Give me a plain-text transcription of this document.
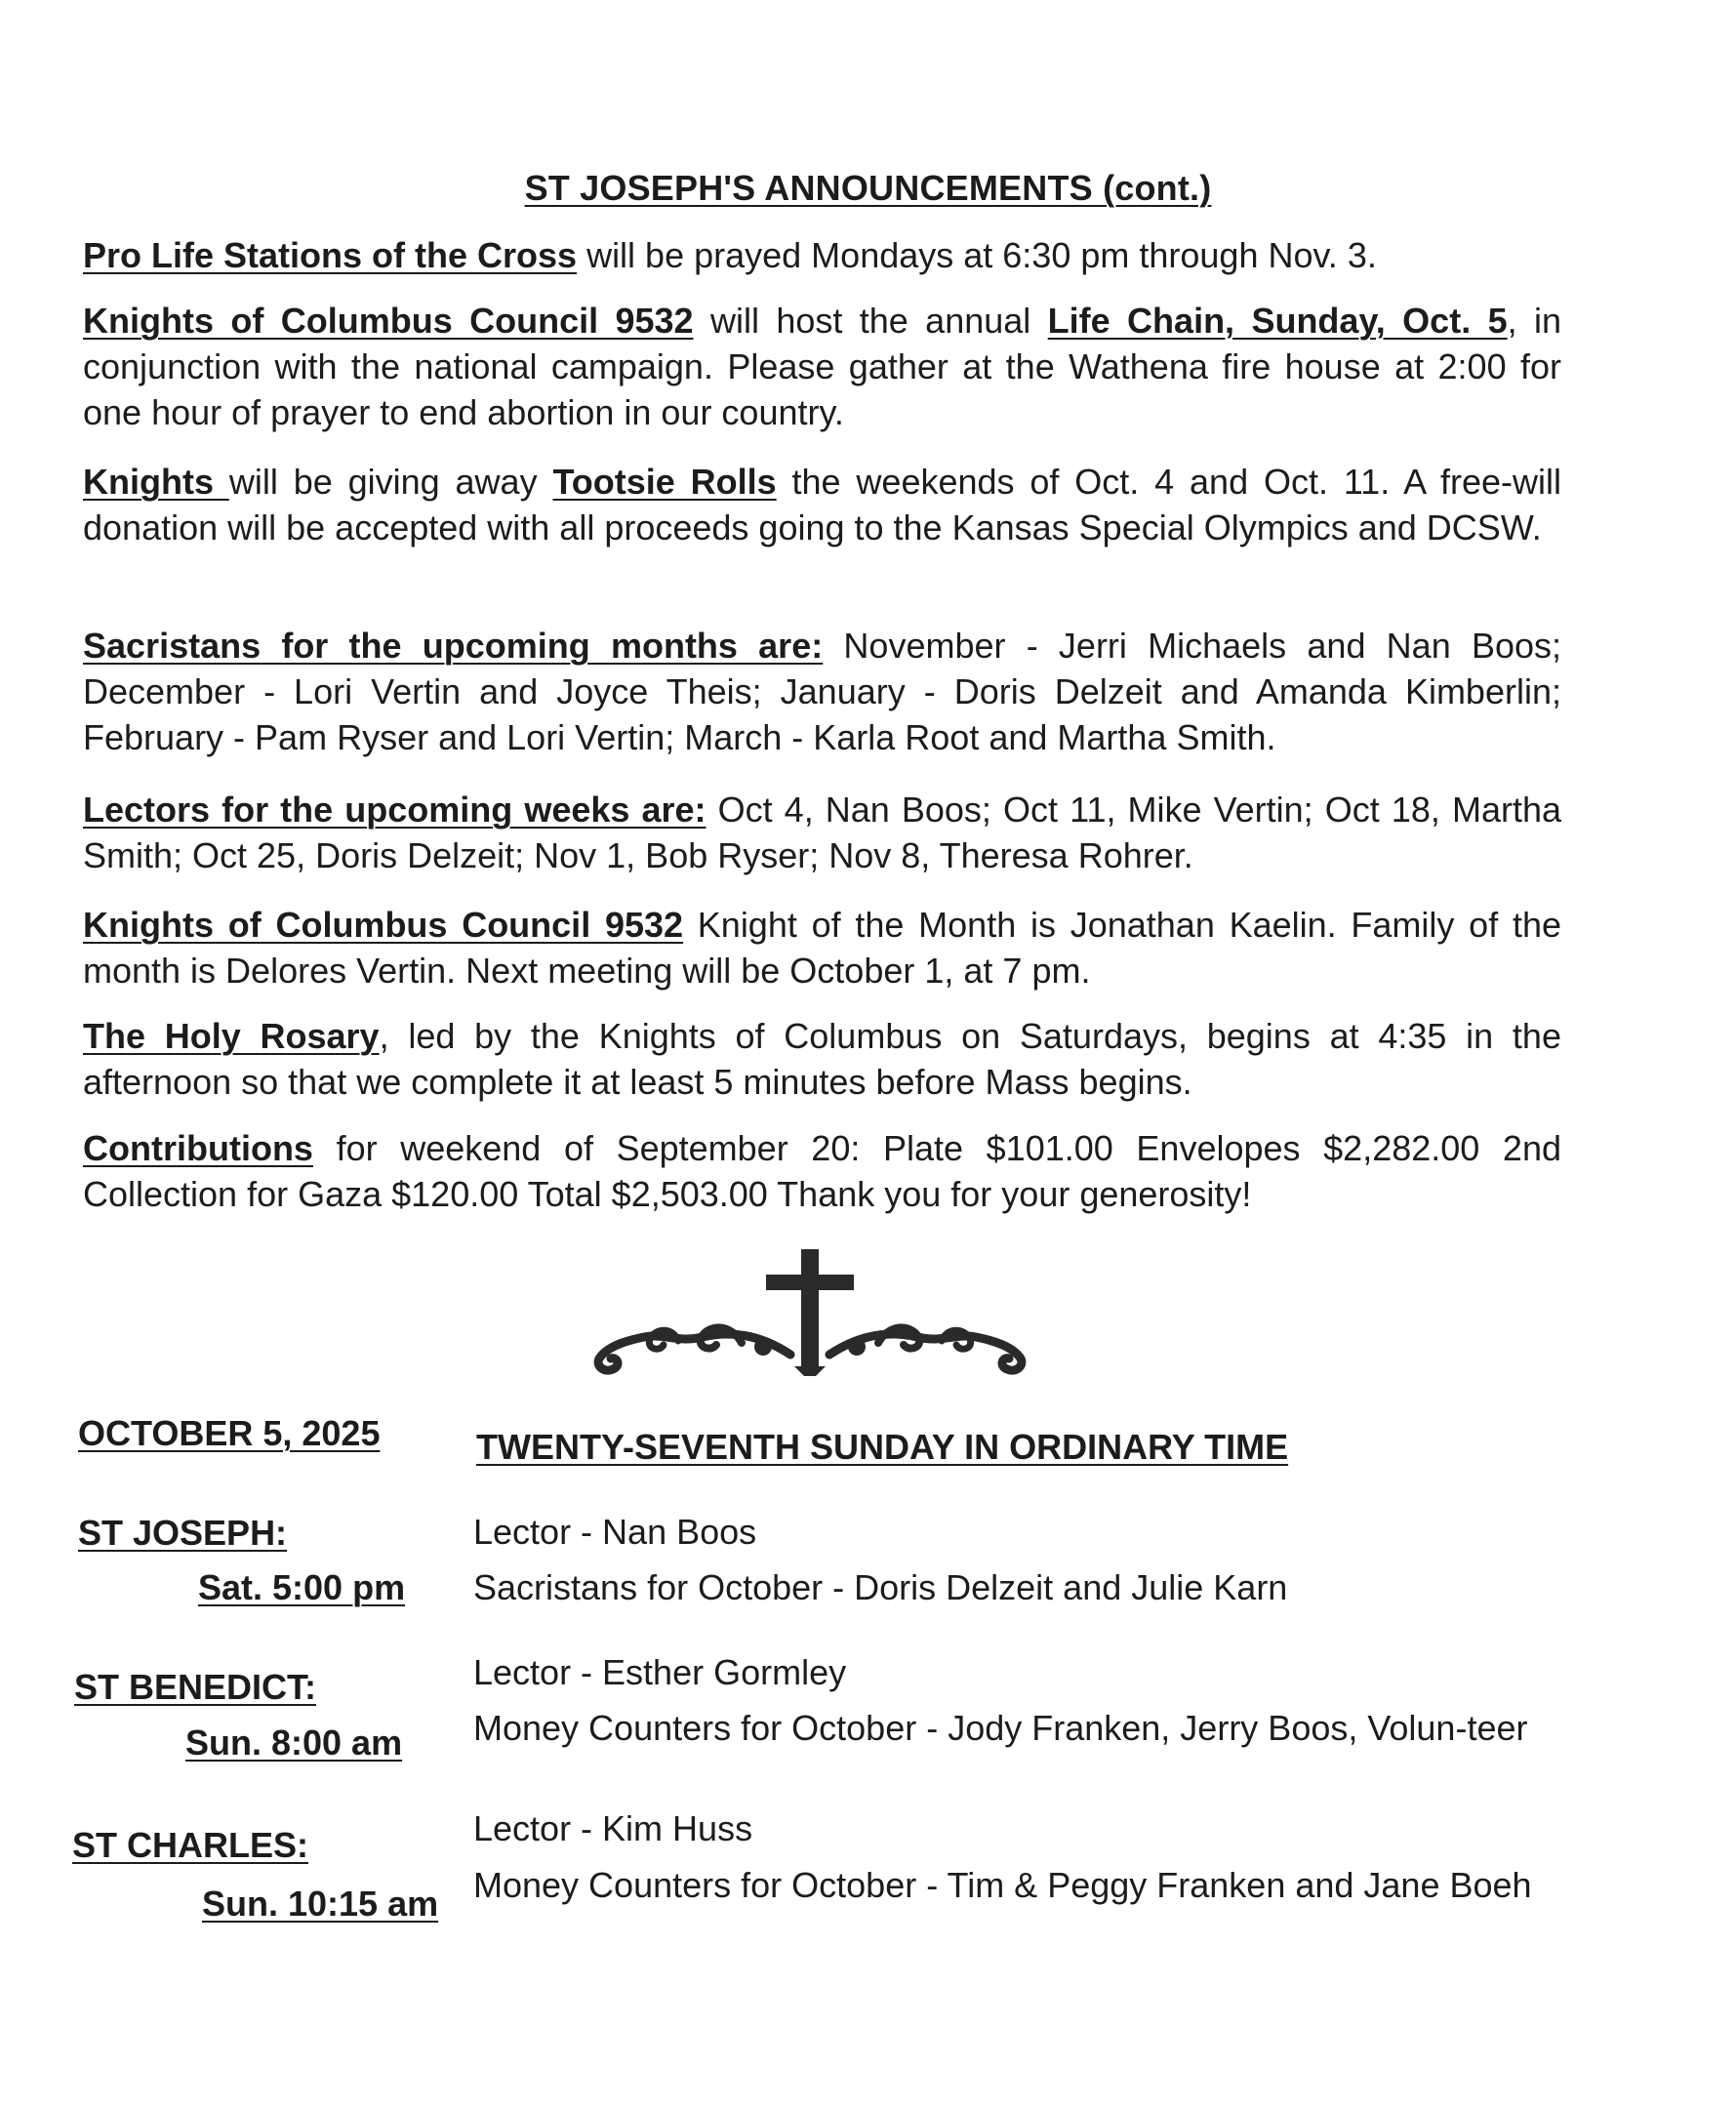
ST JOSEPH'S ANNOUNCEMENTS (cont.)

Pro Life Stations of the Cross will be prayed Mondays at 6:30 pm through Nov. 3.

Knights of Columbus Council 9532 will host the annual Life Chain, Sunday, Oct. 5, in conjunction with the national campaign. Please gather at the Wathena fire house at 2:00 for one hour of prayer to end abortion in our country.

Knights will be giving away Tootsie Rolls the weekends of Oct. 4 and Oct. 11. A free-will donation will be accepted with all proceeds going to the Kansas Special Olympics and DCSW.

Sacristans for the upcoming months are: November - Jerri Michaels and Nan Boos; December - Lori Vertin and Joyce Theis; January - Doris Delzeit and Amanda Kimberlin; February - Pam Ryser and Lori Vertin; March - Karla Root and Martha Smith.

Lectors for the upcoming weeks are: Oct 4, Nan Boos; Oct 11, Mike Vertin; Oct 18, Martha Smith; Oct 25, Doris Delzeit; Nov 1, Bob Ryser; Nov 8, Theresa Rohrer.

Knights of Columbus Council 9532 Knight of the Month is Jonathan Kaelin. Family of the month is Delores Vertin. Next meeting will be October 1, at 7 pm.

The Holy Rosary, led by the Knights of Columbus on Saturdays, begins at 4:35 in the afternoon so that we complete it at least 5 minutes before Mass begins.

Contributions for weekend of September 20: Plate $101.00 Envelopes $2,282.00 2nd Collection for Gaza $120.00 Total $2,503.00 Thank you for your generosity!

OCTOBER 5, 2025	TWENTY-SEVENTH SUNDAY IN ORDINARY TIME
ST JOSEPH:
Sat. 5:00 pm
Lector - Nan Boos
Sacristans for October - Doris Delzeit and Julie Karn
ST BENEDICT:
Sun. 8:00 am
Lector - Esther Gormley
Money Counters for October - Jody Franken, Jerry Boos, Volun-teer
ST CHARLES:
Sun. 10:15 am
Lector - Kim Huss
Money Counters for October - Tim & Peggy Franken and Jane Boeh
